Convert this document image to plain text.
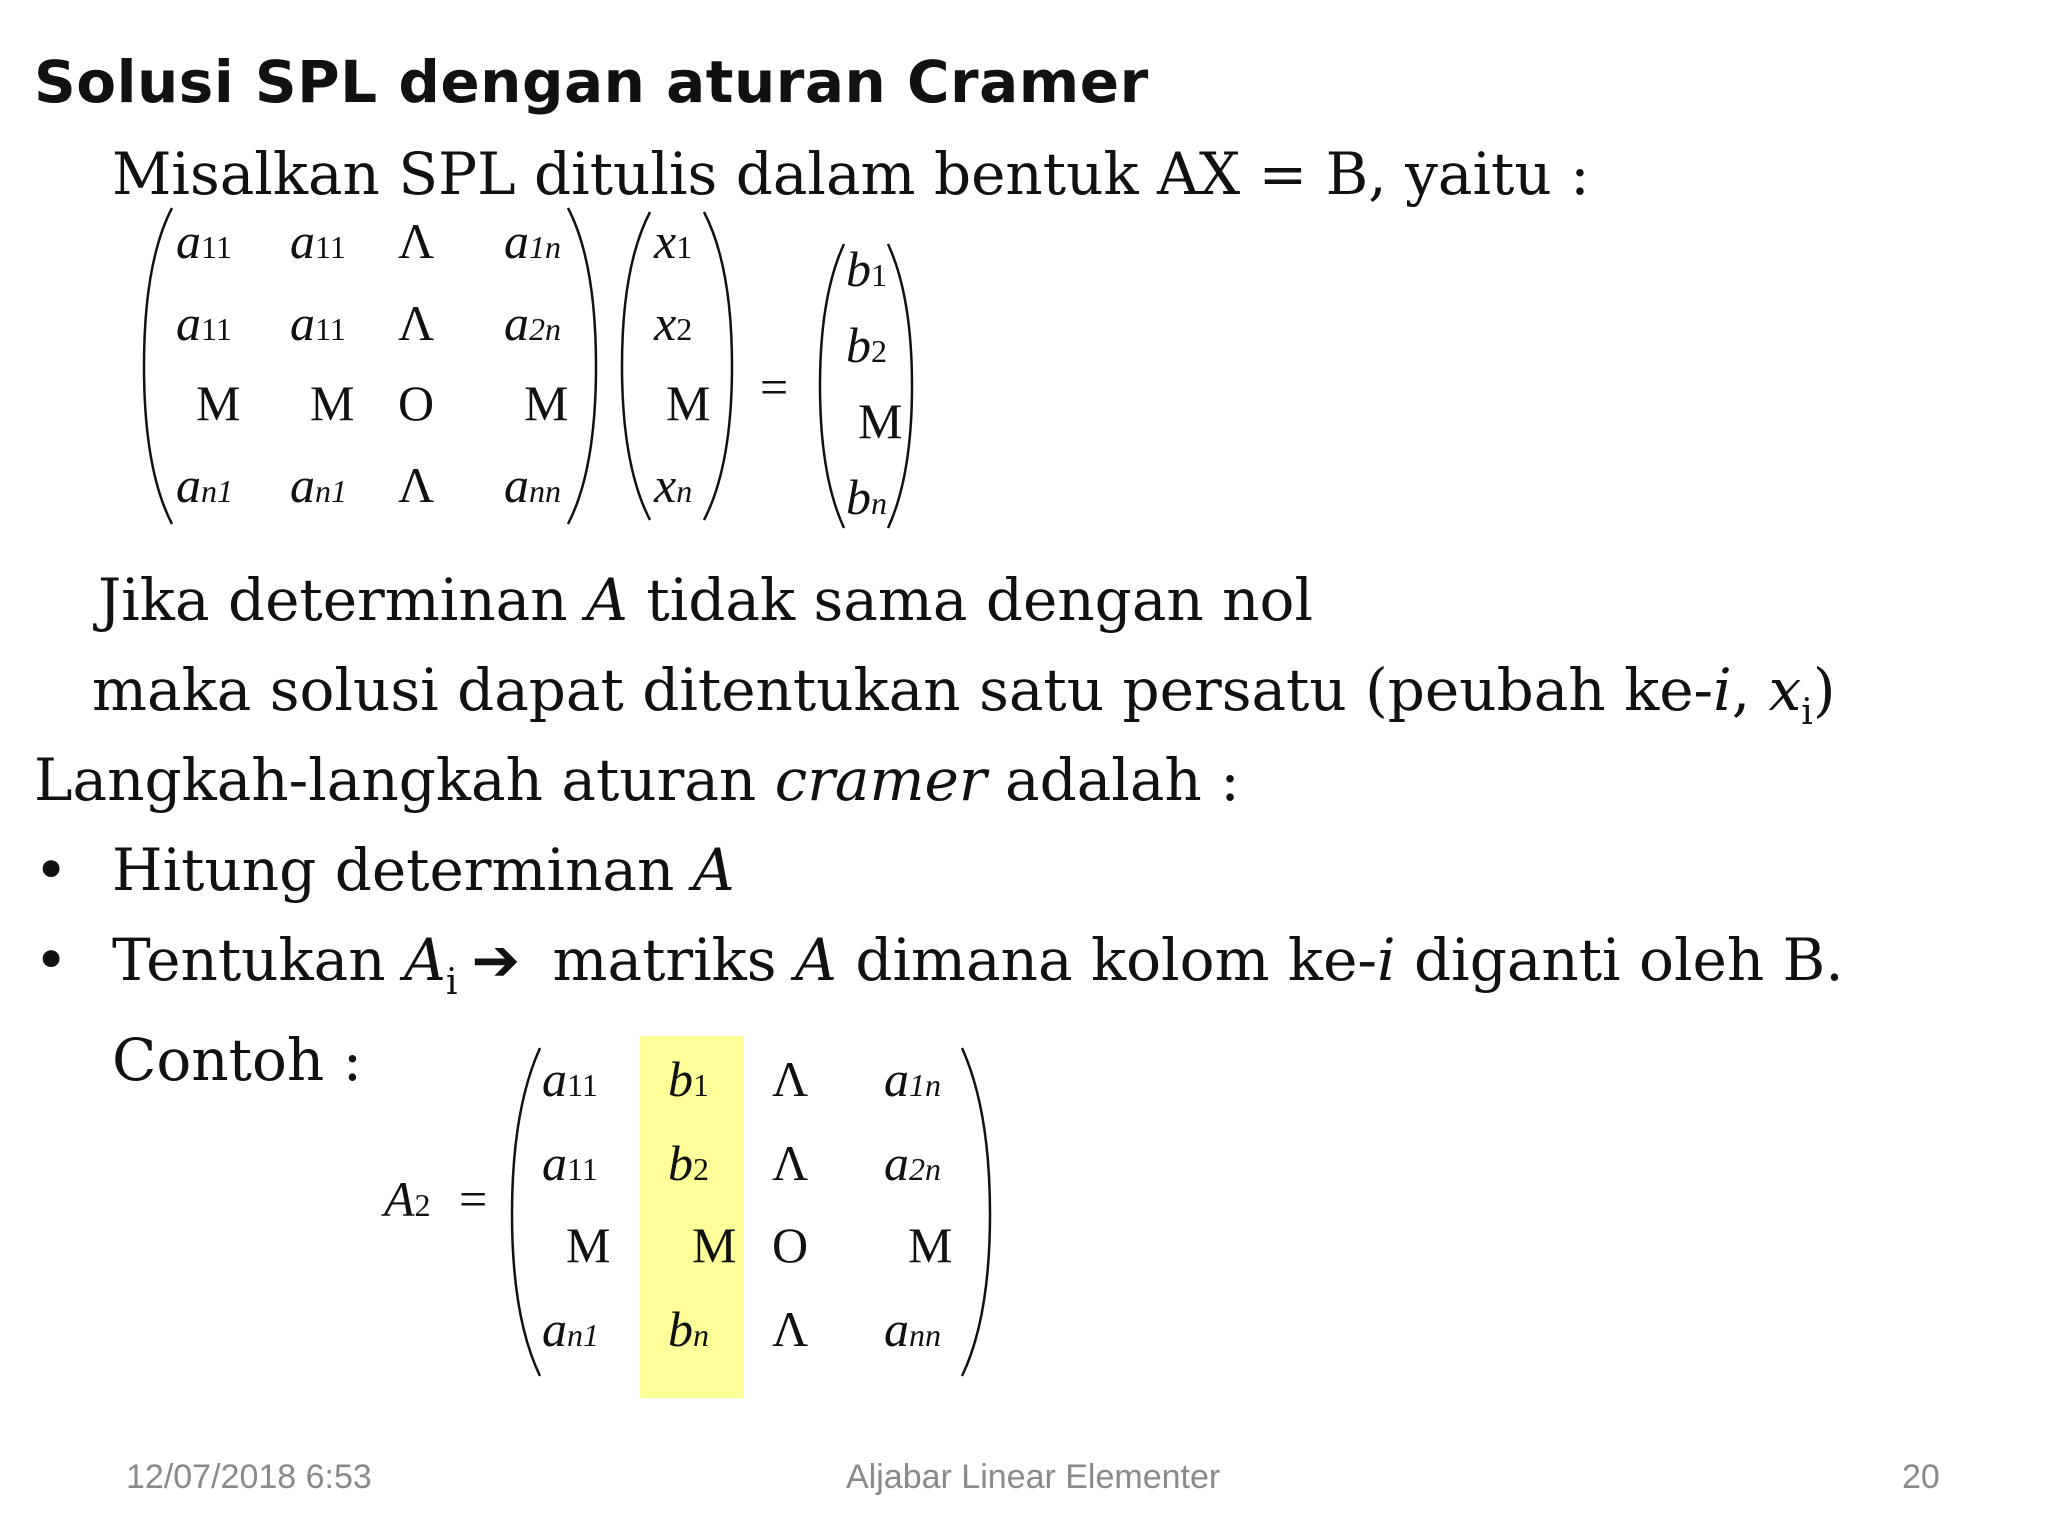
Solusi SPL dengan aturan Cramer
Misalkan SPL ditulis dalam bentuk AX = B, yaitu :
a11 a11 Λ a1n
a11 a11 Λ a2n
M M O M
an1 an1 Λ ann
x1
x2
M
xn
=
b1
b2
M
bn
Jika determinan A tidak sama dengan nol
maka solusi dapat ditentukan satu persatu (peubah ke-i, $x_i$)
Langkah-langkah aturan cramer adalah :
• Hitung determinan A
• Tentukan $A_i$ ➔ matriks A dimana kolom ke-i diganti oleh B.
Contoh :
A2 =
a11 b1 Λ a1n
a11 b2 Λ a2n
M M O M
an1 bn Λ ann
12/07/2018 6:53	Aljabar Linear Elementer	20
